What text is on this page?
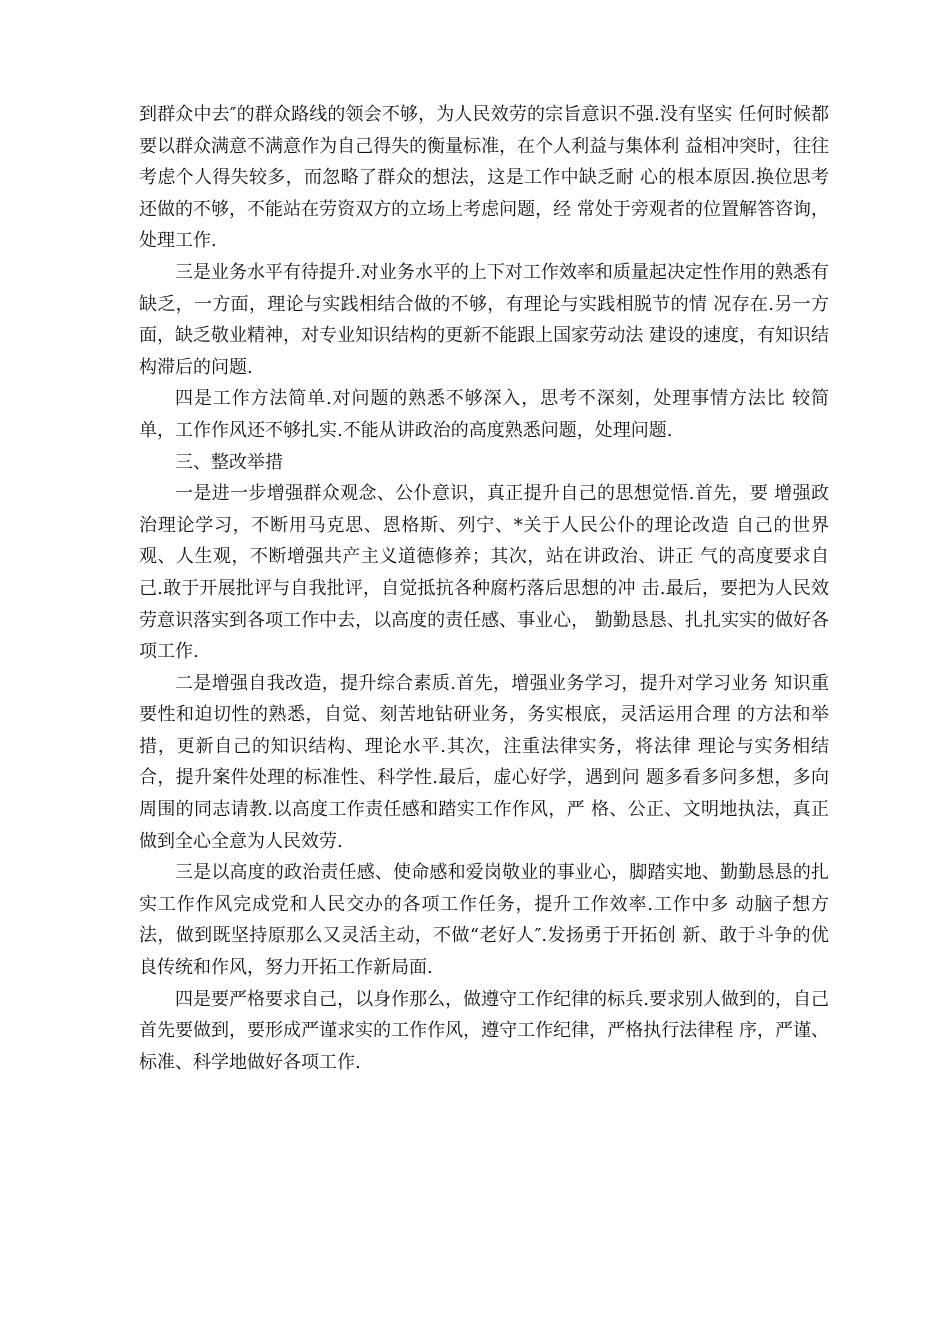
到群众中去″的群众路线的领会不够，为人民效劳的宗旨意识不强.没有坚实 任何时候都要以群众满意不满意作为自己得失的衡量标准，在个人利益与集体利 益相冲突时，往往考虑个人得失较多，而忽略了群众的想法，这是工作中缺乏耐 心的根本原因.换位思考还做的不够，不能站在劳资双方的立场上考虑问题，经 常处于旁观者的位置解答咨询，处理工作.

三是业务水平有待提升.对业务水平的上下对工作效率和质量起决定性作用的熟悉有缺乏，一方面，理论与实践相结合做的不够，有理论与实践相脱节的情 况存在.另一方面，缺乏敬业精神，对专业知识结构的更新不能跟上国家劳动法 建设的速度，有知识结构滞后的问题.

四是工作方法简单.对问题的熟悉不够深入，思考不深刻，处理事情方法比 较简单，工作作风还不够扎实.不能从讲政治的高度熟悉问题，处理问题.

三、整改举措

一是进一步增强群众观念、公仆意识，真正提升自己的思想觉悟.首先，要 增强政治理论学习，不断用马克思、恩格斯、列宁、*关于人民公仆的理论改造 自己的世界观、人生观，不断增强共产主义道德修养；其次，站在讲政治、讲正 气的高度要求自己.敢于开展批评与自我批评，自觉抵抗各种腐朽落后思想的冲 击.最后，要把为人民效劳意识落实到各项工作中去，以高度的责任感、事业心， 勤勤恳恳、扎扎实实的做好各项工作.

二是增强自我改造，提升综合素质.首先，增强业务学习，提升对学习业务 知识重要性和迫切性的熟悉，自觉、刻苦地钻研业务，务实根底，灵活运用合理 的方法和举措，更新自己的知识结构、理论水平.其次，注重法律实务，将法律 理论与实务相结合，提升案件处理的标准性、科学性.最后，虚心好学，遇到问 题多看多问多想，多向周围的同志请教.以高度工作责任感和踏实工作作风，严 格、公正、文明地执法，真正做到全心全意为人民效劳.

三是以高度的政治责任感、使命感和爱岗敬业的事业心，脚踏实地、勤勤恳恳的扎实工作作风完成党和人民交办的各项工作任务，提升工作效率.工作中多 动脑子想方法，做到既坚持原那么又灵活主动，不做“老好人″.发扬勇于开拓创 新、敢于斗争的优良传统和作风，努力开拓工作新局面.

四是要严格要求自己，以身作那么，做遵守工作纪律的标兵.要求别人做到的，自己首先要做到，要形成严谨求实的工作作风，遵守工作纪律，严格执行法律程 序，严谨、标准、科学地做好各项工作.
